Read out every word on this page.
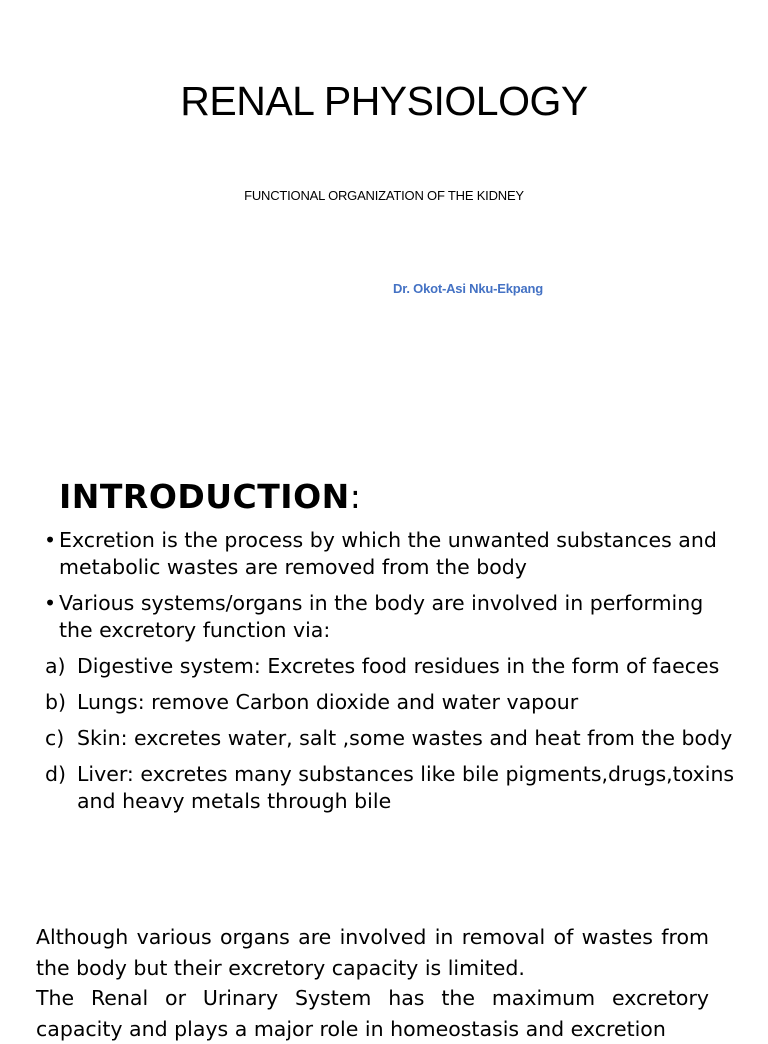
RENAL PHYSIOLOGY
FUNCTIONAL ORGANIZATION OF THE KIDNEY
Dr. Okot-Asi Nku-Ekpang
INTRODUCTION:
• Excretion is the process by which the unwanted substances and metabolic wastes are removed from the body
• Various systems/organs in the body are involved in performing the excretory function via:
a) Digestive system: Excretes food residues in the form of faeces
b) Lungs: remove Carbon dioxide and water vapour
c) Skin: excretes water, salt ,some wastes and heat from the body
d) Liver: excretes many substances like bile pigments,drugs,toxins and heavy metals through bile

Although various organs are involved in removal of wastes from the body but their excretory capacity is limited.

The Renal or Urinary System has the maximum excretory capacity and plays a major role in homeostasis and excretion
